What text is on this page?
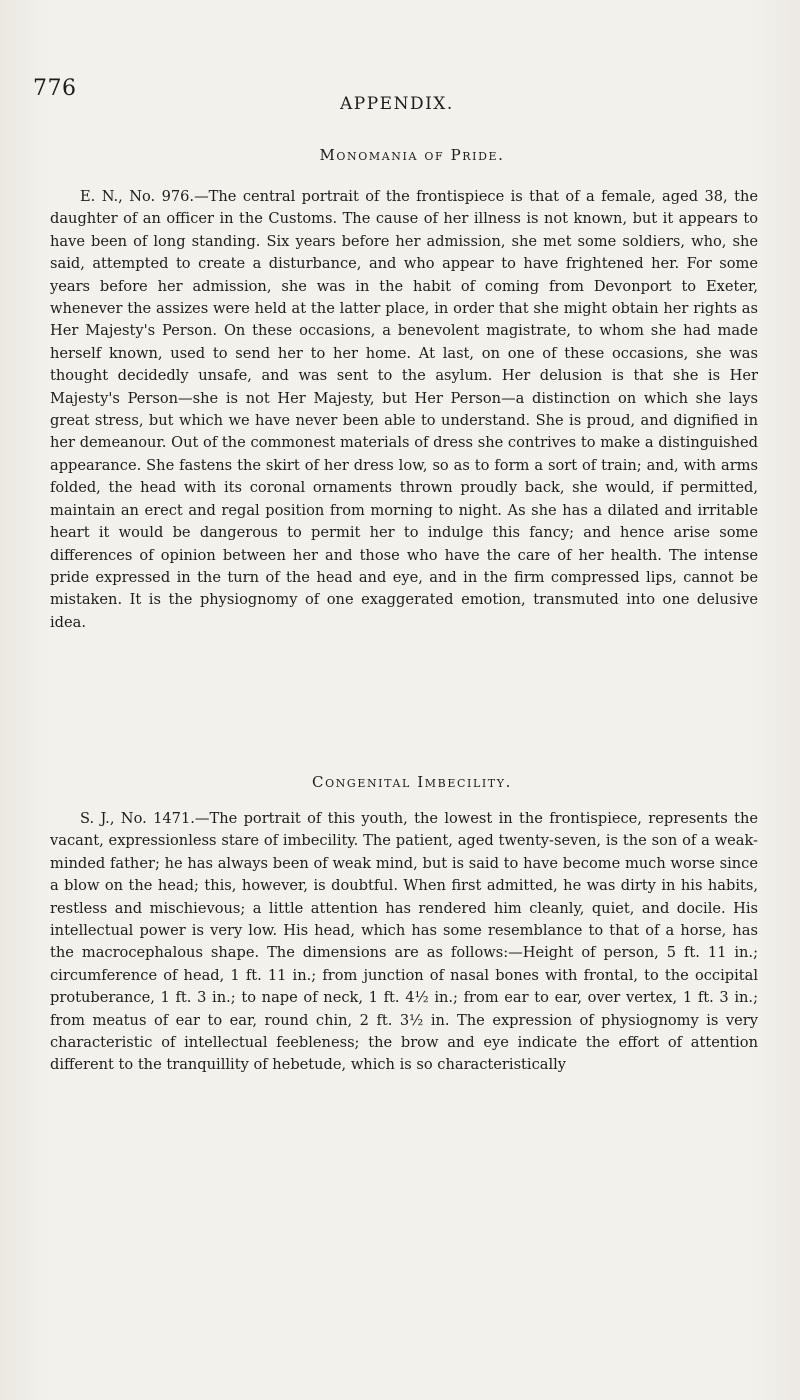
776
APPENDIX.
Monomania of Pride.

E. N., No. 976.—The central portrait of the frontispiece is that of a female, aged 38, the daughter of an officer in the Customs. The cause of her illness is not known, but it appears to have been of long standing. Six years before her admission, she met some soldiers, who, she said, attempted to create a disturbance, and who appear to have frightened her. For some years before her admission, she was in the habit of coming from Devonport to Exeter, whenever the assizes were held at the latter place, in order that she might obtain her rights as Her Majesty's Person. On these occasions, a benevolent magistrate, to whom she had made herself known, used to send her to her home. At last, on one of these occasions, she was thought decidedly unsafe, and was sent to the asylum. Her delusion is that she is Her Majesty's Person—she is not Her Majesty, but Her Person—a distinction on which she lays great stress, but which we have never been able to understand. She is proud, and dignified in her demeanour. Out of the commonest materials of dress she contrives to make a distinguished appearance. She fastens the skirt of her dress low, so as to form a sort of train; and, with arms folded, the head with its coronal ornaments thrown proudly back, she would, if permitted, maintain an erect and regal position from morning to night. As she has a dilated and irritable heart it would be dangerous to permit her to indulge this fancy; and hence arise some differences of opinion between her and those who have the care of her health. The intense pride expressed in the turn of the head and eye, and in the firm compressed lips, cannot be mistaken. It is the physiognomy of one exaggerated emotion, transmuted into one delusive idea.

Congenital Imbecility.

S. J., No. 1471.—The portrait of this youth, the lowest in the frontispiece, represents the vacant, expressionless stare of imbecility. The patient, aged twenty-seven, is the son of a weak-minded father; he has always been of weak mind, but is said to have become much worse since a blow on the head; this, however, is doubtful. When first admitted, he was dirty in his habits, restless and mischievous; a little attention has rendered him cleanly, quiet, and docile. His intellectual power is very low. His head, which has some resemblance to that of a horse, has the macrocephalous shape. The dimensions are as follows:—Height of person, 5 ft. 11 in.; circumference of head, 1 ft. 11 in.; from junction of nasal bones with frontal, to the occipital protuberance, 1 ft. 3 in.; to nape of neck, 1 ft. 4½ in.; from ear to ear, over vertex, 1 ft. 3 in.; from meatus of ear to ear, round chin, 2 ft. 3½ in. The expression of physiognomy is very characteristic of intellectual feebleness; the brow and eye indicate the effort of attention different to the tranquillity of hebetude, which is so characteristically
